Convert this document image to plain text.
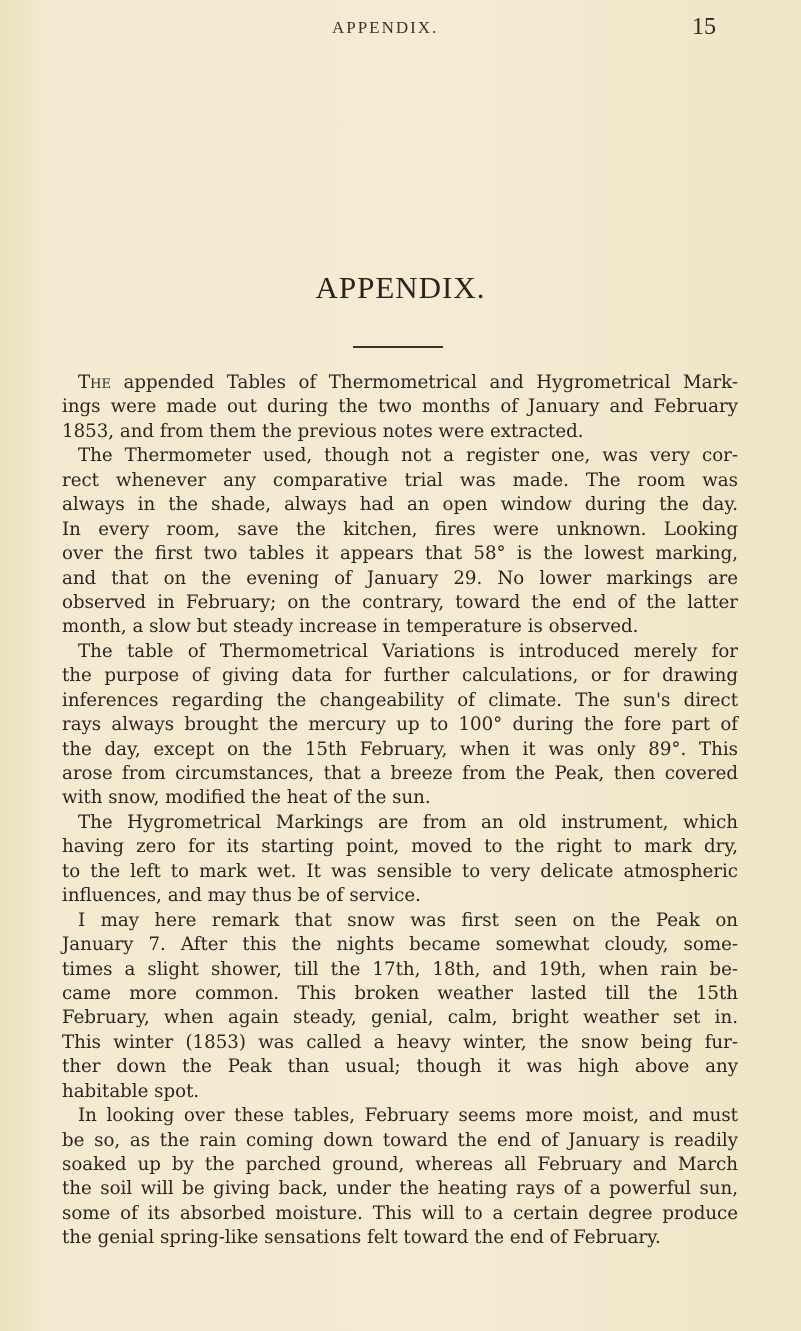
APPENDIX.	15
APPENDIX.
The appended Tables of Thermometrical and Hygrometrical Mark-
ings were made out during the two months of January and February
1853, and from them the previous notes were extracted.
The Thermometer used, though not a register one, was very cor-
rect whenever any comparative trial was made. The room was
always in the shade, always had an open window during the day.
In every room, save the kitchen, fires were unknown. Looking
over the first two tables it appears that 58° is the lowest marking,
and that on the evening of January 29. No lower markings are
observed in February; on the contrary, toward the end of the latter
month, a slow but steady increase in temperature is observed.
The table of Thermometrical Variations is introduced merely for
the purpose of giving data for further calculations, or for drawing
inferences regarding the changeability of climate. The sun's direct
rays always brought the mercury up to 100° during the fore part of
the day, except on the 15th February, when it was only 89°. This
arose from circumstances, that a breeze from the Peak, then covered
with snow, modified the heat of the sun.
The Hygrometrical Markings are from an old instrument, which
having zero for its starting point, moved to the right to mark dry,
to the left to mark wet. It was sensible to very delicate atmospheric
influences, and may thus be of service.
I may here remark that snow was first seen on the Peak on
January 7. After this the nights became somewhat cloudy, some-
times a slight shower, till the 17th, 18th, and 19th, when rain be-
came more common. This broken weather lasted till the 15th
February, when again steady, genial, calm, bright weather set in.
This winter (1853) was called a heavy winter, the snow being fur-
ther down the Peak than usual; though it was high above any
habitable spot.
In looking over these tables, February seems more moist, and must
be so, as the rain coming down toward the end of January is readily
soaked up by the parched ground, whereas all February and March
the soil will be giving back, under the heating rays of a powerful sun,
some of its absorbed moisture. This will to a certain degree produce
the genial spring-like sensations felt toward the end of February.
